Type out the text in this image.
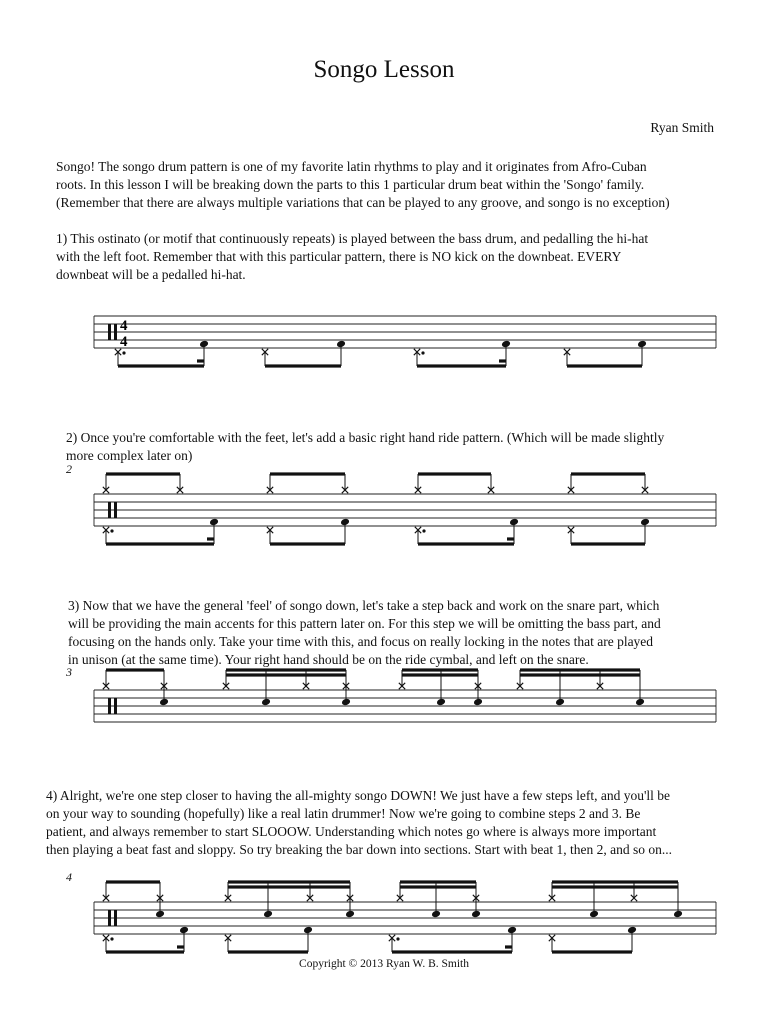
Songo Lesson
Ryan Smith
Songo! The songo drum pattern is one of my favorite latin rhythms to play and it originates from Afro-Cuban
roots. In this lesson I will be breaking down the parts to this 1 particular drum beat within the 'Songo' family.
(Remember that there are always multiple variations that can be played to any groove, and songo is no exception)
1) This ostinato (or motif that continuously repeats) is played between the bass drum, and pedalling the hi-hat
with the left foot. Remember that with this particular pattern, there is NO kick on the downbeat. EVERY
downbeat will be a pedalled hi-hat.
2) Once you're comfortable with the feet, let's add a basic right hand ride pattern. (Which will be made slightly
more complex later on)
2
3) Now that we have the general 'feel' of songo down, let's take a step back and work on the snare part, which
will be providing the main accents for this pattern later on. For this step we will be omitting the bass part, and
focusing on the hands only. Take your time with this, and focus on really locking in the notes that are played
in unison (at the same time). Your right hand should be on the ride cymbal, and left on the snare.
3
4) Alright, we're one step closer to having the all-mighty songo DOWN! We just have a few steps left, and you'll be
on your way to sounding (hopefully) like a real latin drummer! Now we're going to combine steps 2 and 3. Be
patient, and always remember to start SLOOOW. Understanding which notes go where is always more important
then playing a beat fast and sloppy. So try breaking the bar down into sections. Start with beat 1, then 2, and so on...
4
4
4
Copyright © 2013 Ryan W. B. Smith
